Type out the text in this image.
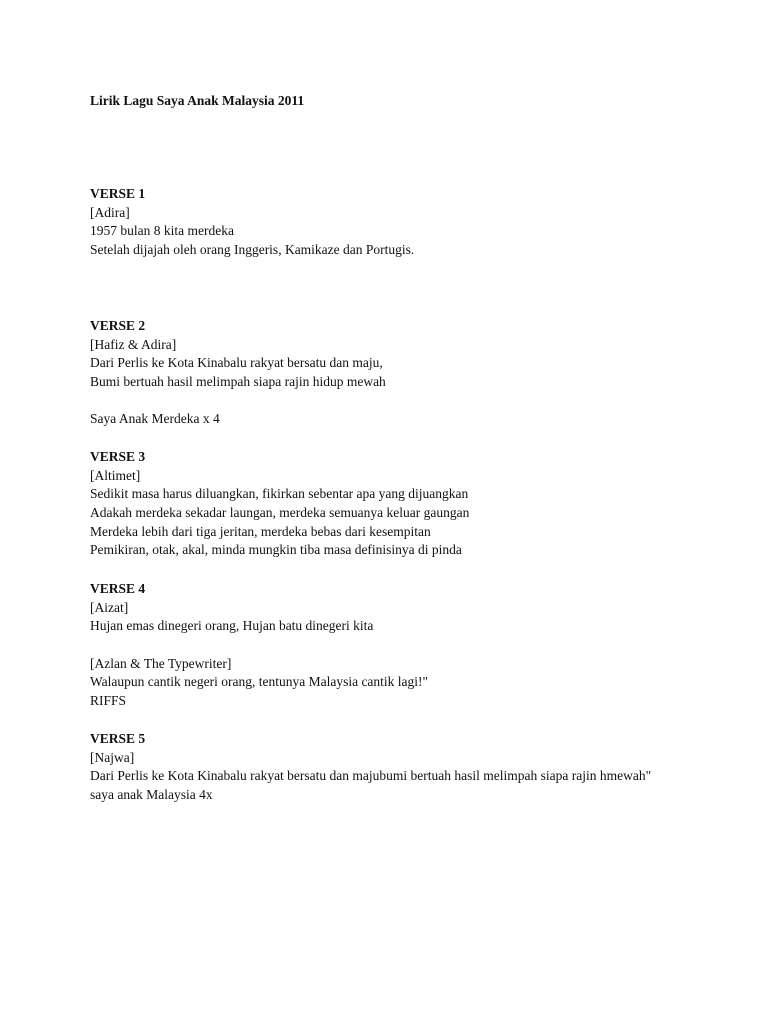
Lirik Lagu Saya Anak Malaysia 2011
VERSE 1
[Adira]
1957 bulan 8 kita merdeka
Setelah dijajah oleh orang Inggeris, Kamikaze dan Portugis.
VERSE 2
[Hafiz & Adira]
Dari Perlis ke Kota Kinabalu rakyat bersatu dan maju,
Bumi bertuah hasil melimpah siapa rajin hidup mewah
Saya Anak Merdeka x 4
VERSE 3
[Altimet]
Sedikit masa harus diluangkan, fikirkan sebentar apa yang dijuangkan
Adakah merdeka sekadar laungan, merdeka semuanya keluar gaungan
Merdeka lebih dari tiga jeritan, merdeka bebas dari kesempitan
Pemikiran, otak, akal, minda mungkin tiba masa definisinya di pinda
VERSE 4
[Aizat]
Hujan emas dinegeri orang, Hujan batu dinegeri kita
[Azlan & The Typewriter]
Walaupun cantik negeri orang, tentunya Malaysia cantik lagi!"
RIFFS
VERSE 5
[Najwa]
Dari Perlis ke Kota Kinabalu rakyat bersatu dan majubumi bertuah hasil melimpah siapa rajin hmewah"
saya anak Malaysia 4x
